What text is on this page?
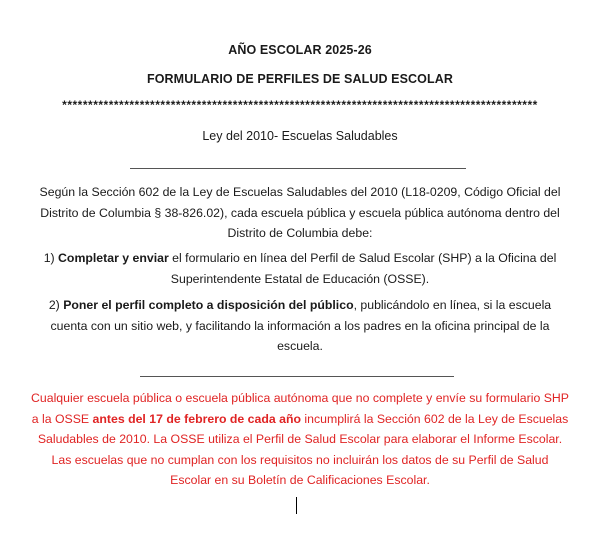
AÑO ESCOLAR 2025-26
FORMULARIO DE PERFILES DE SALUD ESCOLAR
********************************************************************************************
Ley del 2010- Escuelas Saludables
Según la Sección 602 de la Ley de Escuelas Saludables del 2010 (L18-0209, Código Oficial del Distrito de Columbia § 38-826.02), cada escuela pública y escuela pública autónoma dentro del Distrito de Columbia debe:
1) Completar y enviar el formulario en línea del Perfil de Salud Escolar (SHP) a la Oficina del Superintendente Estatal de Educación (OSSE).
2) Poner el perfil completo a disposición del público, publicándolo en línea, si la escuela cuenta con un sitio web, y facilitando la información a los padres en la oficina principal de la escuela.
Cualquier escuela pública o escuela pública autónoma que no complete y envíe su formulario SHP a la OSSE antes del 17 de febrero de cada año incumplirá la Sección 602 de la Ley de Escuelas Saludables de 2010. La OSSE utiliza el Perfil de Salud Escolar para elaborar el Informe Escolar. Las escuelas que no cumplan con los requisitos no incluirán los datos de su Perfil de Salud Escolar en su Boletín de Calificaciones Escolar.
